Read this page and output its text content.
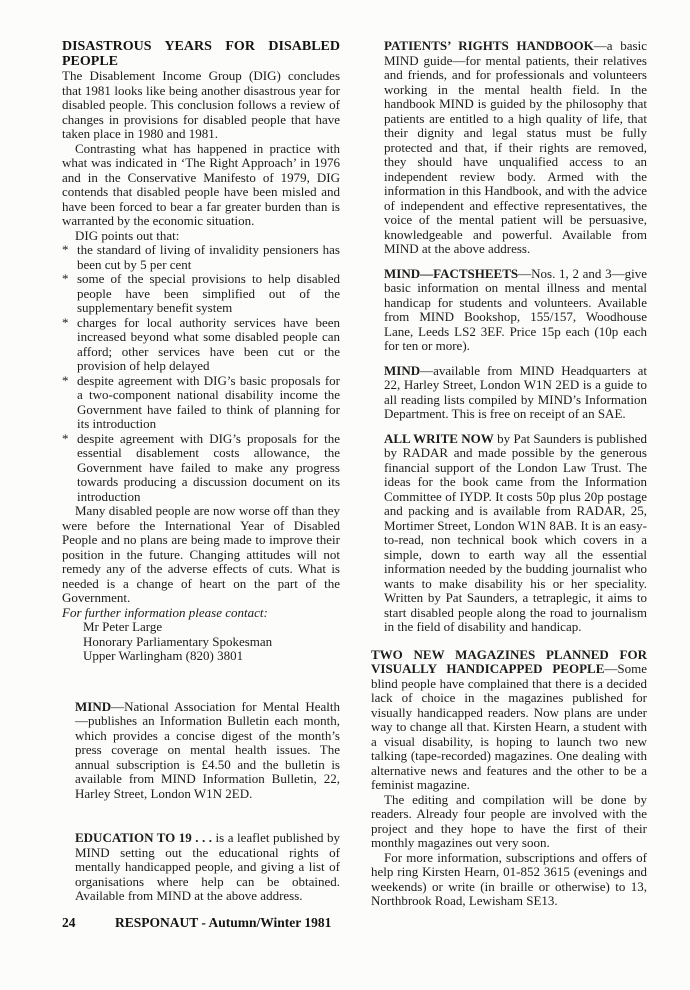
DISASTROUS YEARS FOR DISABLED PEOPLE

The Disablement Income Group (DIG) concludes that 1981 looks like being another disastrous year for disabled people. This conclusion follows a review of changes in provisions for disabled people that have taken place in 1980 and 1981.

Contrasting what has happened in practice with what was indicated in ‘The Right Approach’ in 1976 and in the Conservative Manifesto of 1979, DIG contends that disabled people have been misled and have been forced to bear a far greater burden than is warranted by the economic situation.

DIG points out that:

* the standard of living of invalidity pensioners has been cut by 5 per cent
* some of the special provisions to help disabled people have been simplified out of the supplementary benefit system
* charges for local authority services have been increased beyond what some disabled people can afford; other services have been cut or the provision of help delayed
* despite agreement with DIG’s basic proposals for a two-component national disability income the Government have failed to think of planning for its introduction
* despite agreement with DIG’s proposals for the essential disablement costs allowance, the Government have failed to make any progress towards producing a discussion document on its introduction

Many disabled people are now worse off than they were before the International Year of Disabled People and no plans are being made to improve their position in the future. Changing attitudes will not remedy any of the adverse effects of cuts. What is needed is a change of heart on the part of the Government.

For further information please contact:

Mr Peter Large

Honorary Parliamentary Spokesman

Upper Warlingham (820) 3801

MIND—National Association for Mental Health—publishes an Information Bulletin each month, which provides a concise digest of the month’s press coverage on mental health issues. The annual subscription is £4.50 and the bulletin is available from MIND Information Bulletin, 22, Harley Street, London W1N 2ED.

EDUCATION TO 19 . . . is a leaflet published by MIND setting out the educational rights of mentally handicapped people, and giving a list of organisations where help can be obtained. Available from MIND at the above address.

PATIENTS’ RIGHTS HANDBOOK—a basic MIND guide—for mental patients, their relatives and friends, and for professionals and volunteers working in the mental health field. In the handbook MIND is guided by the philosophy that patients are entitled to a high quality of life, that their dignity and legal status must be fully protected and that, if their rights are removed, they should have unqualified access to an independent review body. Armed with the information in this Handbook, and with the advice of independent and effective representatives, the voice of the mental patient will be persuasive, knowledgeable and powerful. Available from MIND at the above address.

MIND—FACTSHEETS—Nos. 1, 2 and 3—give basic information on mental illness and mental handicap for students and volunteers. Available from MIND Bookshop, 155/157, Woodhouse Lane, Leeds LS2 3EF. Price 15p each (10p each for ten or more).

MIND—available from MIND Headquarters at 22, Harley Street, London W1N 2ED is a guide to all reading lists compiled by MIND’s Information Department. This is free on receipt of an SAE.

ALL WRITE NOW by Pat Saunders is published by RADAR and made possible by the generous financial support of the London Law Trust. The ideas for the book came from the Information Committee of IYDP. It costs 50p plus 20p postage and packing and is available from RADAR, 25, Mortimer Street, London W1N 8AB. It is an easy-to-read, non technical book which covers in a simple, down to earth way all the essential information needed by the budding journalist who wants to make disability his or her speciality. Written by Pat Saunders, a tetraplegic, it aims to start disabled people along the road to journalism in the field of disability and handicap.

TWO NEW MAGAZINES PLANNED FOR VISUALLY HANDICAPPED PEOPLE—Some blind people have complained that there is a decided lack of choice in the magazines published for visually handicapped readers. Now plans are under way to change all that. Kirsten Hearn, a student with a visual disability, is hoping to launch two new talking (tape-recorded) magazines. One dealing with alternative news and features and the other to be a feminist magazine.

The editing and compilation will be done by readers. Already four people are involved with the project and they hope to have the first of their monthly magazines out very soon.

For more information, subscriptions and offers of help ring Kirsten Hearn, 01-852 3615 (evenings and weekends) or write (in braille or otherwise) to 13, Northbrook Road, Lewisham SE13.

24	RESPONAUT - Autumn/Winter 1981
